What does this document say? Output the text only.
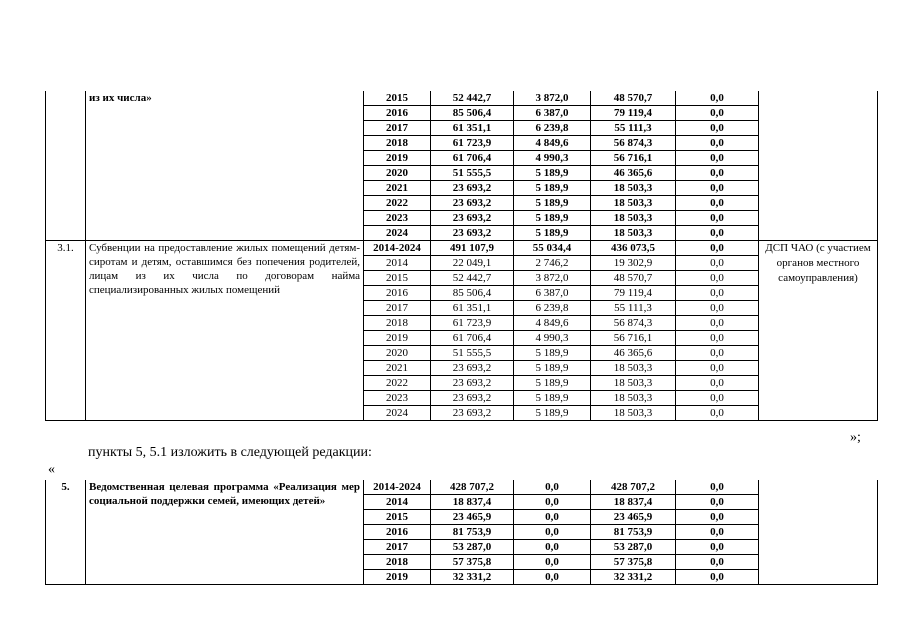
	из их числа»	2015	52 442,7	3 872,0	48 570,7	0,0	
		2016	85 506,4	6 387,0	79 119,4	0,0	
		2017	61 351,1	6 239,8	55 111,3	0,0	
		2018	61 723,9	4 849,6	56 874,3	0,0	
		2019	61 706,4	4 990,3	56 716,1	0,0	
		2020	51 555,5	5 189,9	46 365,6	0,0	
		2021	23 693,2	5 189,9	18 503,3	0,0	
		2022	23 693,2	5 189,9	18 503,3	0,0	
		2023	23 693,2	5 189,9	18 503,3	0,0	
		2024	23 693,2	5 189,9	18 503,3	0,0	
3.1.	Субвенции на предоставление жилых помещений детям-сиротам и детям, оставшимся без попечения родителей, лицам из их числа по договорам найма специализированных жилых помещений	2014-2024	491 107,9	55 034,4	436 073,5	0,0	ДСП ЧАО (с участием органов местного самоуправления)
		2014	22 049,1	2 746,2	19 302,9	0,0	
		2015	52 442,7	3 872,0	48 570,7	0,0	
		2016	85 506,4	6 387,0	79 119,4	0,0	
		2017	61 351,1	6 239,8	55 111,3	0,0	
		2018	61 723,9	4 849,6	56 874,3	0,0	
		2019	61 706,4	4 990,3	56 716,1	0,0	
		2020	51 555,5	5 189,9	46 365,6	0,0	
		2021	23 693,2	5 189,9	18 503,3	0,0	
		2022	23 693,2	5 189,9	18 503,3	0,0	
		2023	23 693,2	5 189,9	18 503,3	0,0	
		2024	23 693,2	5 189,9	18 503,3	0,0	
»;
пункты 5, 5.1 изложить в следующей редакции:
«
5.	Ведомственная целевая программа «Реализация мер социальной поддержки семей, имеющих детей»	2014-2024	428 707,2	0,0	428 707,2	0,0	
		2014	18 837,4	0,0	18 837,4	0,0	
		2015	23 465,9	0,0	23 465,9	0,0	
		2016	81 753,9	0,0	81 753,9	0,0	
		2017	53 287,0	0,0	53 287,0	0,0	
		2018	57 375,8	0,0	57 375,8	0,0	
		2019	32 331,2	0,0	32 331,2	0,0	
